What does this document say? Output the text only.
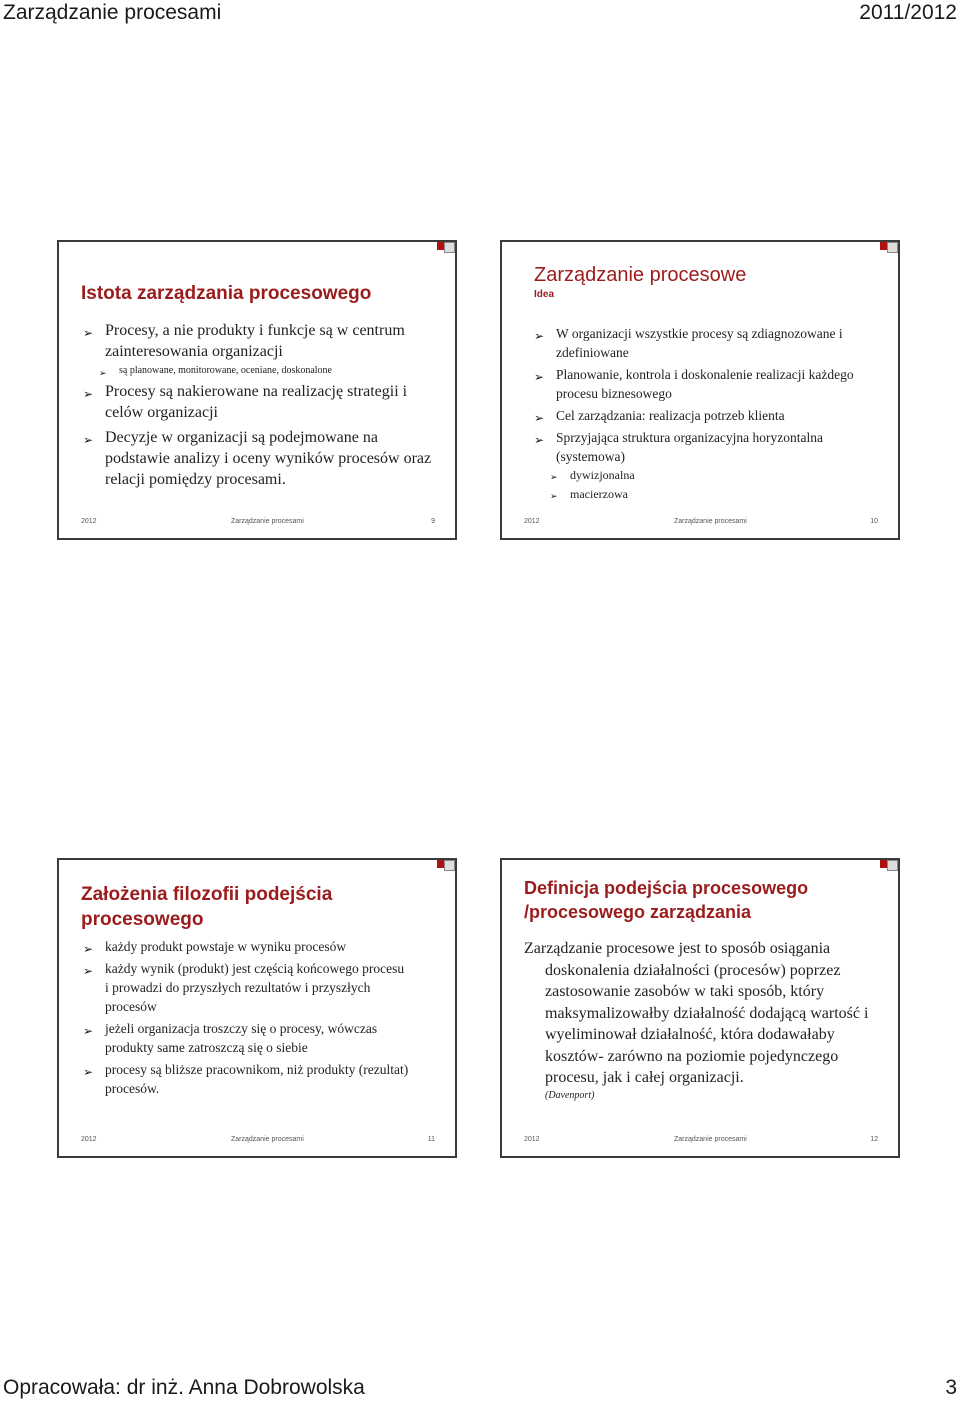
Zarządzanie procesami	2011/2012
Istota zarządzania procesowego
➢ Procesy, a nie produkty i funkcje są w centrum zainteresowania organizacji
➢ są planowane, monitorowane, oceniane, doskonalone
➢ Procesy są nakierowane na realizację strategii i celów organizacji
➢ Decyzje w organizacji są podejmowane na podstawie analizy i oceny wyników procesów oraz relacji pomiędzy procesami.
2012	Zarządzanie procesami	9
Zarządzanie procesowe
Idea
➢ W organizacji wszystkie procesy są zdiagnozowane i zdefiniowane
➢ Planowanie, kontrola i doskonalenie realizacji każdego procesu biznesowego
➢ Cel zarządzania: realizacja potrzeb klienta
➢ Sprzyjająca struktura organizacyjna horyzontalna (systemowa)
➢ dywizjonalna
➢ macierzowa
2012	Zarządzanie procesami	10
Założenia filozofii podejścia procesowego
➢ każdy produkt powstaje w wyniku procesów
➢ każdy wynik (produkt) jest częścią końcowego procesu i prowadzi do przyszłych rezultatów i przyszłych procesów
➢ jeżeli organizacja troszczy się o procesy, wówczas produkty same zatroszczą się o siebie
➢ procesy są bliższe pracownikom, niż produkty (rezultat) procesów.
2012	Zarządzanie procesami	11
Definicja podejścia procesowego /procesowego zarządzania
Zarządzanie procesowe jest to sposób osiągania doskonalenia działalności (procesów) poprzez zastosowanie zasobów w taki sposób, który maksymalizowałby działalność dodającą wartość i wyeliminował działalność, która dodawałaby kosztów- zarówno na poziomie pojedynczego procesu, jak i całej organizacji.
(Davenport)
2012	Zarządzanie procesami	12
Opracowała: dr inż. Anna Dobrowolska	3
